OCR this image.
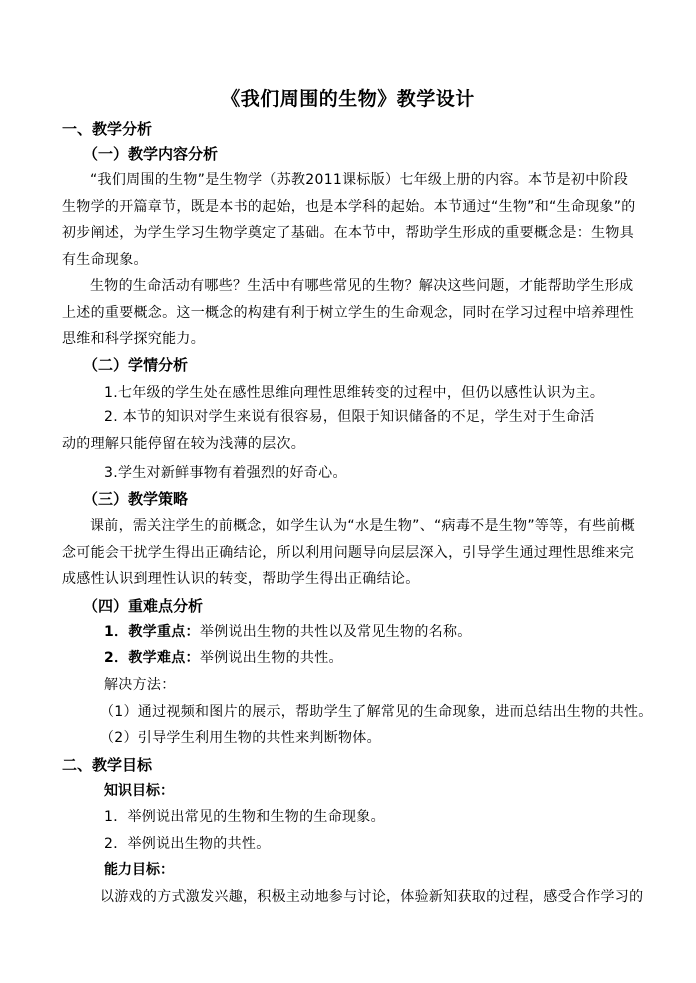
《我们周围的生物》教学设计
一、教学分析
（一）教学内容分析
“我们周围的生物”是生物学（苏教2011课标版）七年级上册的内容。本节是初中阶段生物学的开篇章节，既是本书的起始，也是本学科的起始。本节通过“生物”和“生命现象”的初步阐述，为学生学习生物学奠定了基础。在本节中，帮助学生形成的重要概念是：生物具有生命现象。
生物的生命活动有哪些？生活中有哪些常见的生物？解决这些问题，才能帮助学生形成上述的重要概念。这一概念的构建有利于树立学生的生命观念，同时在学习过程中培养理性思维和科学探究能力。
（二）学情分析
1.七年级的学生处在感性思维向理性思维转变的过程中，但仍以感性认识为主。
2. 本节的知识对学生来说有很容易，但限于知识储备的不足，学生对于生命活动的理解只能停留在较为浅薄的层次。
3.学生对新鲜事物有着强烈的好奇心。
（三）教学策略
课前，需关注学生的前概念，如学生认为“水是生物”、“病毒不是生物”等等，有些前概念可能会干扰学生得出正确结论，所以利用问题导向层层深入，引导学生通过理性思维来完成感性认识到理性认识的转变，帮助学生得出正确结论。
（四）重难点分析
1．教学重点：举例说出生物的共性以及常见生物的名称。
2．教学难点：举例说出生物的共性。
解决方法：
（1）通过视频和图片的展示，帮助学生了解常见的生命现象，进而总结出生物的共性。
（2）引导学生利用生物的共性来判断物体。
二、教学目标
知识目标：
1．举例说出常见的生物和生物的生命现象。
2．举例说出生物的共性。
能力目标：
以游戏的方式激发兴趣，积极主动地参与讨论，体验新知获取的过程，感受合作学习的
